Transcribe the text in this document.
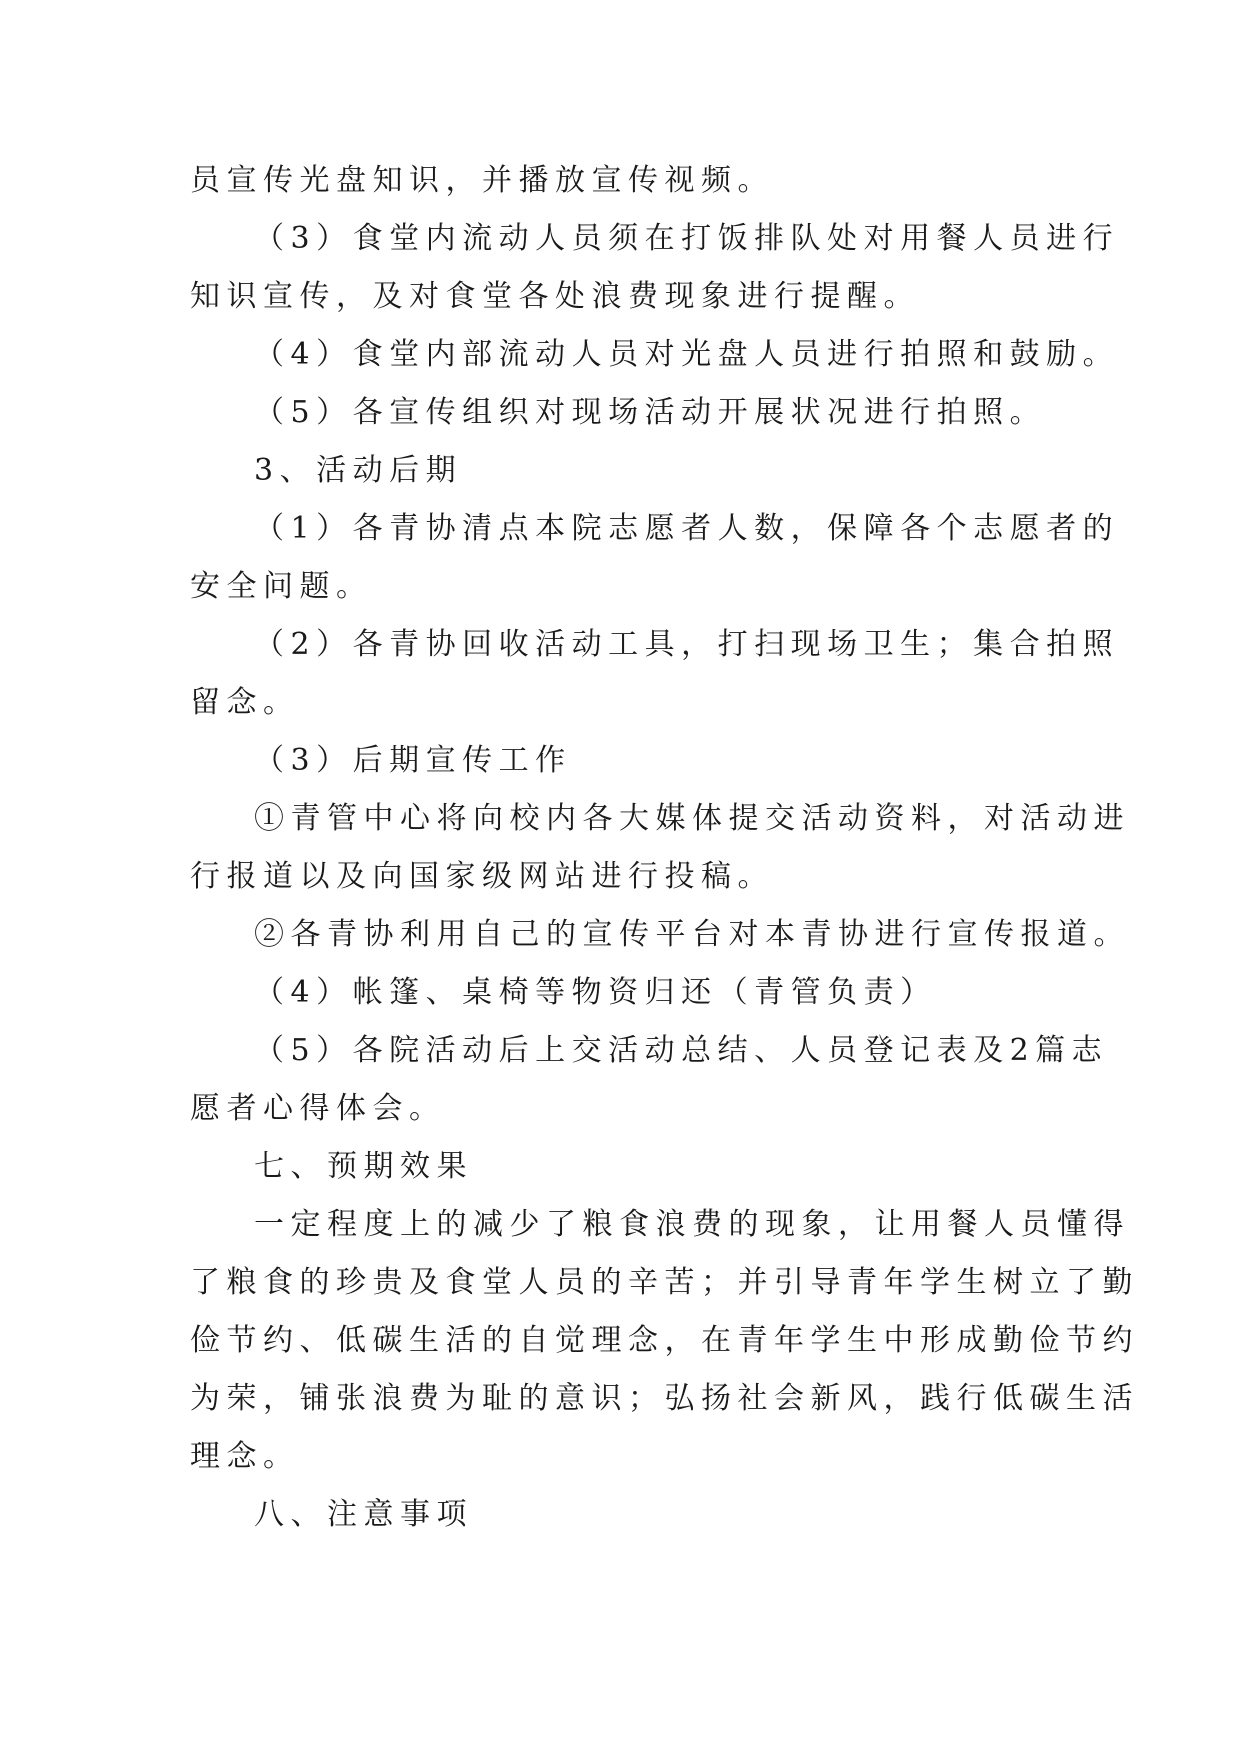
员宣传光盘知识，并播放宣传视频。

（3）食堂内流动人员须在打饭排队处对用餐人员进行

知识宣传，及对食堂各处浪费现象进行提醒。

（4）食堂内部流动人员对光盘人员进行拍照和鼓励。

（5）各宣传组织对现场活动开展状况进行拍照。

3、活动后期

（1）各青协清点本院志愿者人数，保障各个志愿者的

安全问题。

（2）各青协回收活动工具，打扫现场卫生；集合拍照

留念。

（3）后期宣传工作

①青管中心将向校内各大媒体提交活动资料，对活动进

行报道以及向国家级网站进行投稿。

②各青协利用自己的宣传平台对本青协进行宣传报道。

（4）帐篷、桌椅等物资归还（青管负责）

（5）各院活动后上交活动总结、人员登记表及2篇志

愿者心得体会。

七、预期效果

一定程度上的减少了粮食浪费的现象，让用餐人员懂得

了粮食的珍贵及食堂人员的辛苦；并引导青年学生树立了勤

俭节约、低碳生活的自觉理念，在青年学生中形成勤俭节约

为荣，铺张浪费为耻的意识；弘扬社会新风，践行低碳生活

理念。

八、注意事项
